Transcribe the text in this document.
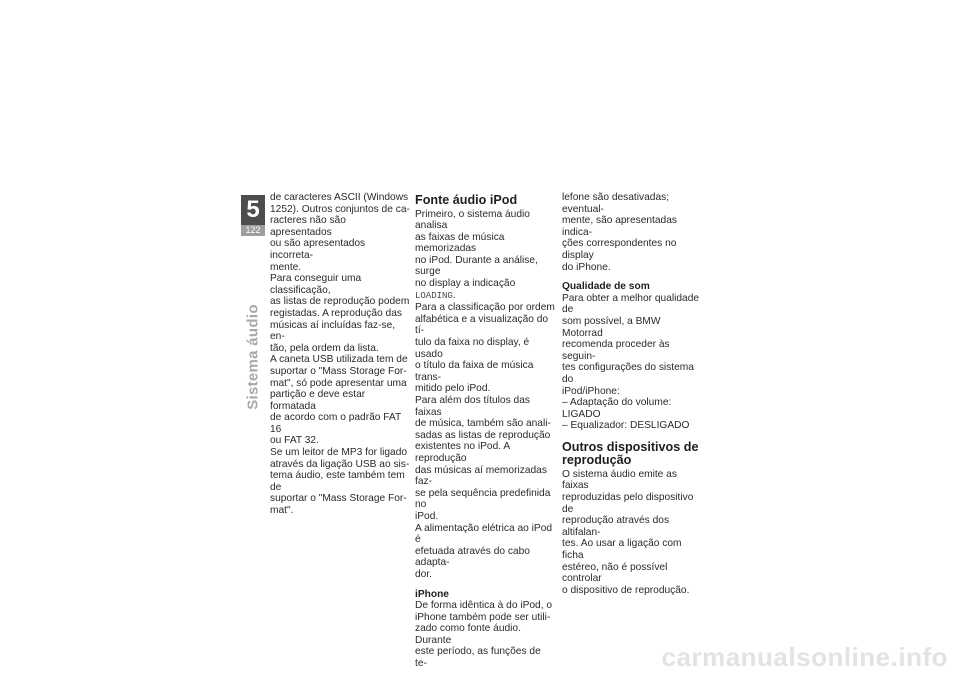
5
122
Sistema áudio

de caracteres ASCII (Windows
1252). Outros conjuntos de ca-
racteres não são apresentados
ou são apresentados incorreta-
mente.

Para conseguir uma classificação,
as listas de reprodução podem
registadas. A reprodução das
músicas aí incluídas faz-se, en-
tão, pela ordem da lista.

A caneta USB utilizada tem de
suportar o "Mass Storage For-
mat", só pode apresentar uma
partição e deve estar formatada
de acordo com o padrão FAT 16
ou FAT 32.

Se um leitor de MP3 for ligado
através da ligação USB ao sis-
tema áudio, este também tem de
suportar o "Mass Storage For-
mat".

Fonte áudio iPod

Primeiro, o sistema áudio analisa
as faixas de música memorizadas
no iPod. Durante a análise, surge
no display a indicação LOADING.

Para a classificação por ordem
alfabética e a visualização do tí-
tulo da faixa no display, é usado
o título da faixa de música trans-
mitido pelo iPod.

Para além dos títulos das faixas
de música, também são anali-
sadas as listas de reprodução
existentes no iPod. A reprodução
das músicas aí memorizadas faz-
se pela sequência predefinida no
iPod.

A alimentação elétrica ao iPod é
efetuada através do cabo adapta-
dor.

iPhone

De forma idêntica à do iPod, o
iPhone também pode ser utili-
zado como fonte áudio. Durante
este período, as funções de te-

lefone são desativadas; eventual-
mente, são apresentadas indica-
ções correspondentes no display
do iPhone.

Qualidade de som

Para obter a melhor qualidade de
som possível, a BMW Motorrad
recomenda proceder às seguin-
tes configurações do sistema do
iPod/iPhone:

– Adaptação do volume: LIGADO
– Equalizador: DESLIGADO
Outros dispositivos de
reprodução

O sistema áudio emite as faixas
reproduzidas pelo dispositivo de
reprodução através dos altifalan-
tes. Ao usar a ligação com ficha
estéreo, não é possível controlar
o dispositivo de reprodução.

carmanualsonline.info
